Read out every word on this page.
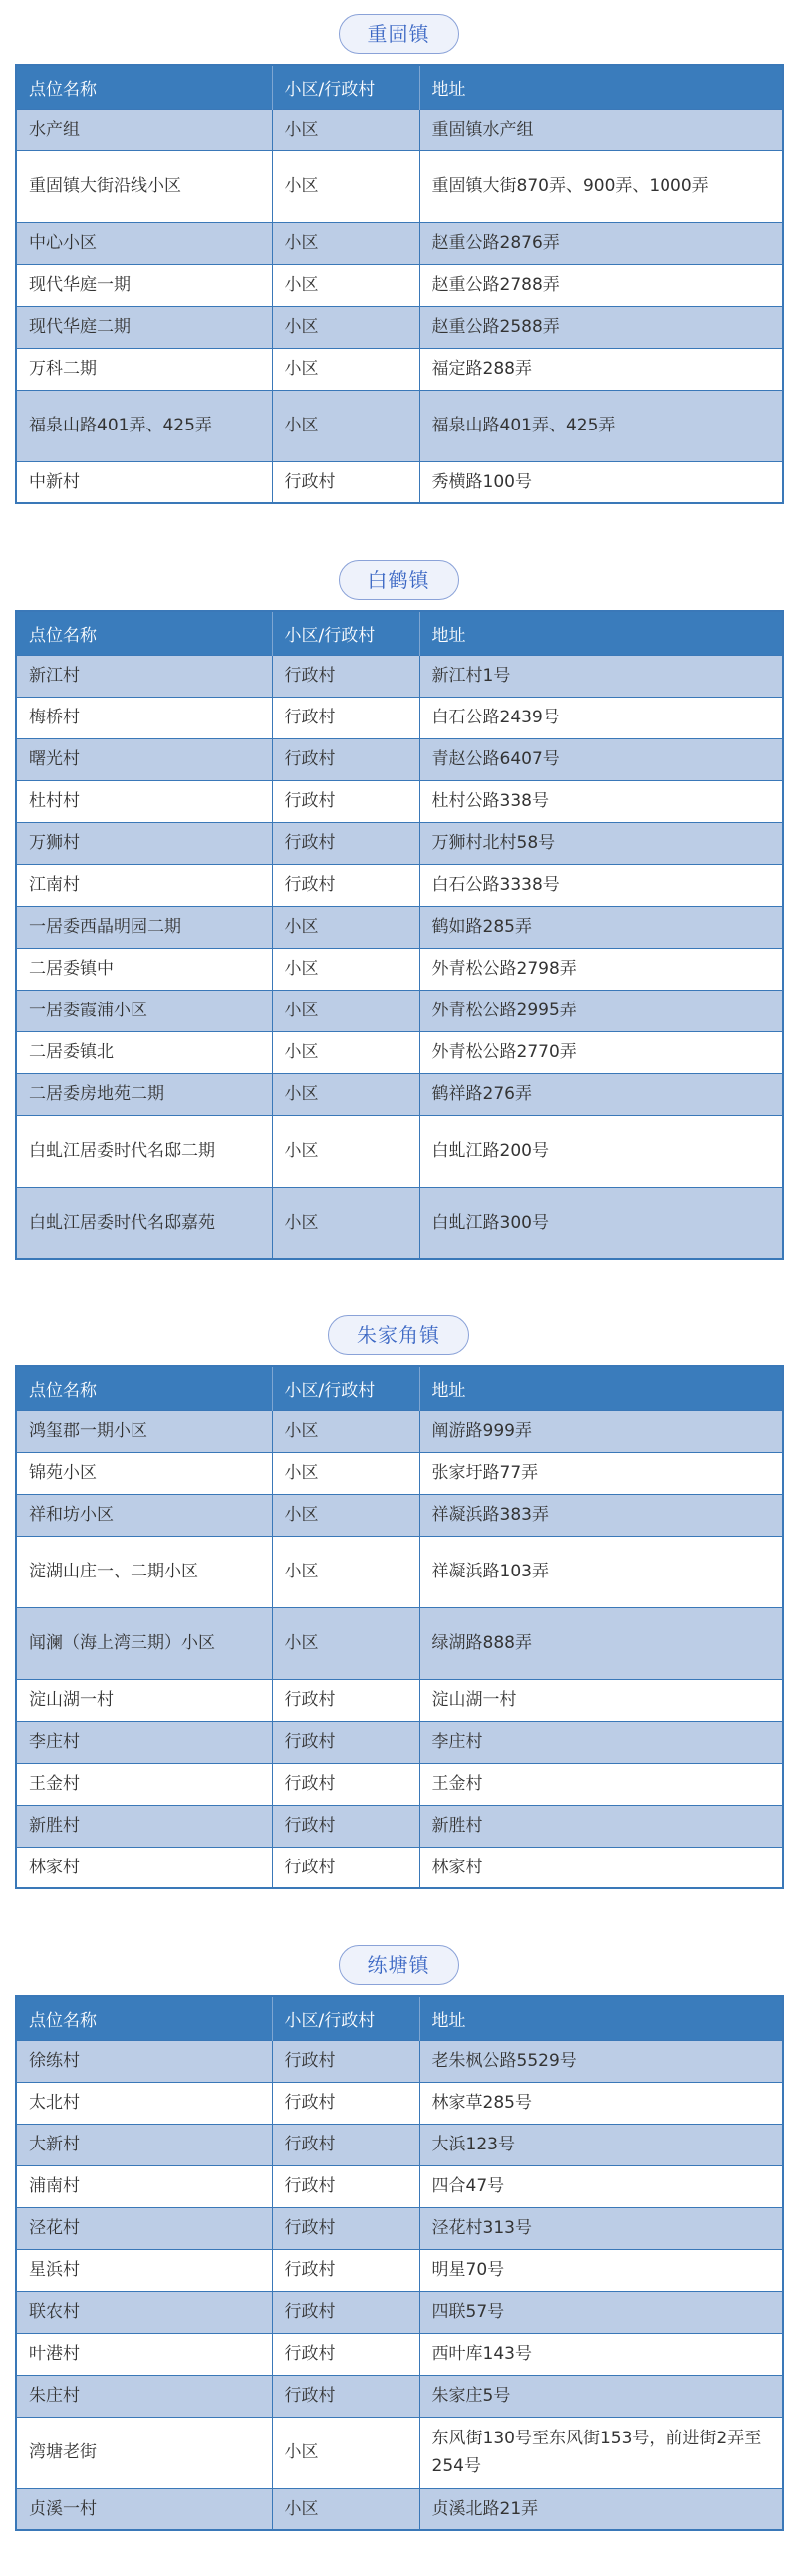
重固镇
点位名称	小区/行政村	地址
水产组	小区	重固镇水产组
重固镇大街沿线小区	小区	重固镇大街870弄、900弄、1000弄
中心小区	小区	赵重公路2876弄
现代华庭一期	小区	赵重公路2788弄
现代华庭二期	小区	赵重公路2588弄
万科二期	小区	福定路288弄
福泉山路401弄、425弄	小区	福泉山路401弄、425弄
中新村	行政村	秀横路100号
白鹤镇
点位名称	小区/行政村	地址
新江村	行政村	新江村1号
梅桥村	行政村	白石公路2439号
曙光村	行政村	青赵公路6407号
杜村村	行政村	杜村公路338号
万狮村	行政村	万狮村北村58号
江南村	行政村	白石公路3338号
一居委西晶明园二期	小区	鹤如路285弄
二居委镇中	小区	外青松公路2798弄
一居委霞浦小区	小区	外青松公路2995弄
二居委镇北	小区	外青松公路2770弄
二居委房地苑二期	小区	鹤祥路276弄
白虬江居委时代名邸二期	小区	白虬江路200号
白虬江居委时代名邸嘉苑	小区	白虬江路300号
朱家角镇
点位名称	小区/行政村	地址
鸿玺郡一期小区	小区	阐游路999弄
锦苑小区	小区	张家圩路77弄
祥和坊小区	小区	祥凝浜路383弄
淀湖山庄一、二期小区	小区	祥凝浜路103弄
闻澜（海上湾三期）小区	小区	绿湖路888弄
淀山湖一村	行政村	淀山湖一村
李庄村	行政村	李庄村
王金村	行政村	王金村
新胜村	行政村	新胜村
林家村	行政村	林家村
练塘镇
点位名称	小区/行政村	地址
徐练村	行政村	老朱枫公路5529号
太北村	行政村	林家草285号
大新村	行政村	大浜123号
浦南村	行政村	四合47号
泾花村	行政村	泾花村313号
星浜村	行政村	明星70号
联农村	行政村	四联57号
叶港村	行政村	西叶库143号
朱庄村	行政村	朱家庄5号
湾塘老街	小区	东风街130号至东风街153号，前进街2弄至254号
贞溪一村	小区	贞溪北路21弄
